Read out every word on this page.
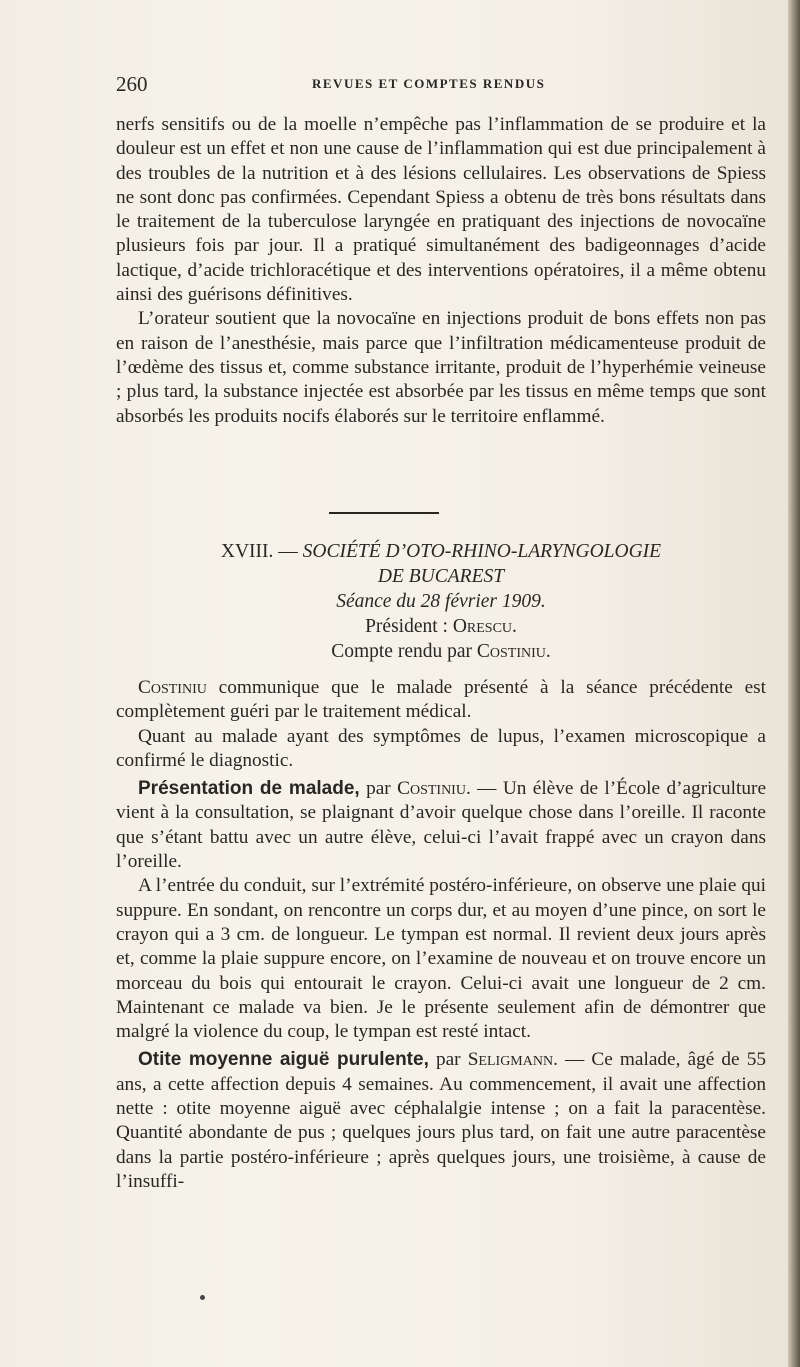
260	REVUES ET COMPTES RENDUS

nerfs sensitifs ou de la moelle n’empêche pas l’inflammation de se produire et la douleur est un effet et non une cause de l’inflammation qui est due principalement à des troubles de la nutrition et à des lésions cellulaires. Les observations de Spiess ne sont donc pas confirmées. Cependant Spiess a obtenu de très bons résultats dans le traitement de la tuberculose laryngée en pratiquant des injections de novocaïne plusieurs fois par jour. Il a pratiqué simultanément des badigeonnages d’acide lactique, d’acide trichloracétique et des interventions opératoires, il a même obtenu ainsi des guérisons définitives.

L’orateur soutient que la novocaïne en injections produit de bons effets non pas en raison de l’anesthésie, mais parce que l’infiltration médicamenteuse produit de l’œdème des tissus et, comme substance irritante, produit de l’hyperhémie veineuse ; plus tard, la substance injectée est absorbée par les tissus en même temps que sont absorbés les produits nocifs élaborés sur le territoire enflammé.

XVIII. — SOCIÉTÉ D’OTO-RHINO-LARYNGOLOGIE
DE BUCAREST
Séance du 28 février 1909.
Président : Orescu.
Compte rendu par Costiniu.

Costiniu communique que le malade présenté à la séance précédente est complètement guéri par le traitement médical.

Quant au malade ayant des symptômes de lupus, l’examen microscopique a confirmé le diagnostic.

Présentation de malade, par Costiniu. — Un élève de l’École d’agriculture vient à la consultation, se plaignant d’avoir quelque chose dans l’oreille. Il raconte que s’étant battu avec un autre élève, celui-ci l’avait frappé avec un crayon dans l’oreille.

A l’entrée du conduit, sur l’extrémité postéro-inférieure, on observe une plaie qui suppure. En sondant, on rencontre un corps dur, et au moyen d’une pince, on sort le crayon qui a 3 cm. de longueur. Le tympan est normal. Il revient deux jours après et, comme la plaie suppure encore, on l’examine de nouveau et on trouve encore un morceau du bois qui entourait le crayon. Celui-ci avait une longueur de 2 cm. Maintenant ce malade va bien. Je le présente seulement afin de démontrer que malgré la violence du coup, le tympan est resté intact.

Otite moyenne aiguë purulente, par Seligmann. — Ce malade, âgé de 55 ans, a cette affection depuis 4 semaines. Au commencement, il avait une affection nette : otite moyenne aiguë avec céphalalgie intense ; on a fait la paracentèse. Quantité abondante de pus ; quelques jours plus tard, on fait une autre paracentèse dans la partie postéro-inférieure ; après quelques jours, une troisième, à cause de l’insuffi-
